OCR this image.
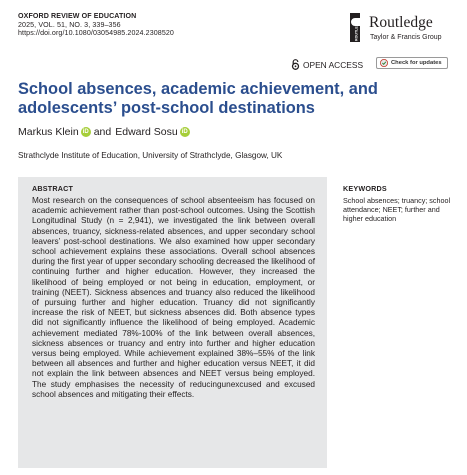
OXFORD REVIEW OF EDUCATION
2025, VOL. 51, NO. 3, 339–356
https://doi.org/10.1080/03054985.2024.2308520	ROUTLEDGE Routledge
Taylor & Francis Group
OPEN ACCESS	Check for updates
School absences, academic achievement, and adolescents’ post-school destinations
Markus Klein iD and Edward Sosu iD
Strathclyde Institute of Education, University of Strathclyde, Glasgow, UK
ABSTRACT
Most research on the consequences of school absenteeism has focused on academic achievement rather than post-school outcomes. Using the Scottish Longitudinal Study (n = 2,941), we investigated the link between overall absences, truancy, sickness-related absences, and upper secondary school leavers’ post-school destinations. We also examined how upper secondary school achievement explains these associations. Overall school absences during the first year of upper secondary schooling decreased the likelihood of continuing further and higher education. However, they increased the likelihood of being employed or not being in education, employment, or training (NEET). Sickness absences and truancy also reduced the likelihood of pursuing further and higher education. Truancy did not significantly increase the risk of NEET, but sickness absences did. Both absence types did not significantly influence the likelihood of being employed. Academic achievement mediated 78%-100% of the link between overall absences, sickness absences or truancy and entry into further and higher education versus being employed. While achievement explained 38%–55% of the link between all absences and further and higher education versus NEET, it did not explain the link between absences and NEET versus being employed. The study emphasises the necessity of reducingunexcused and excused school absences and mitigating their effects.
KEYWORDS
School absences; truancy; school attendance; NEET; further and higher education
